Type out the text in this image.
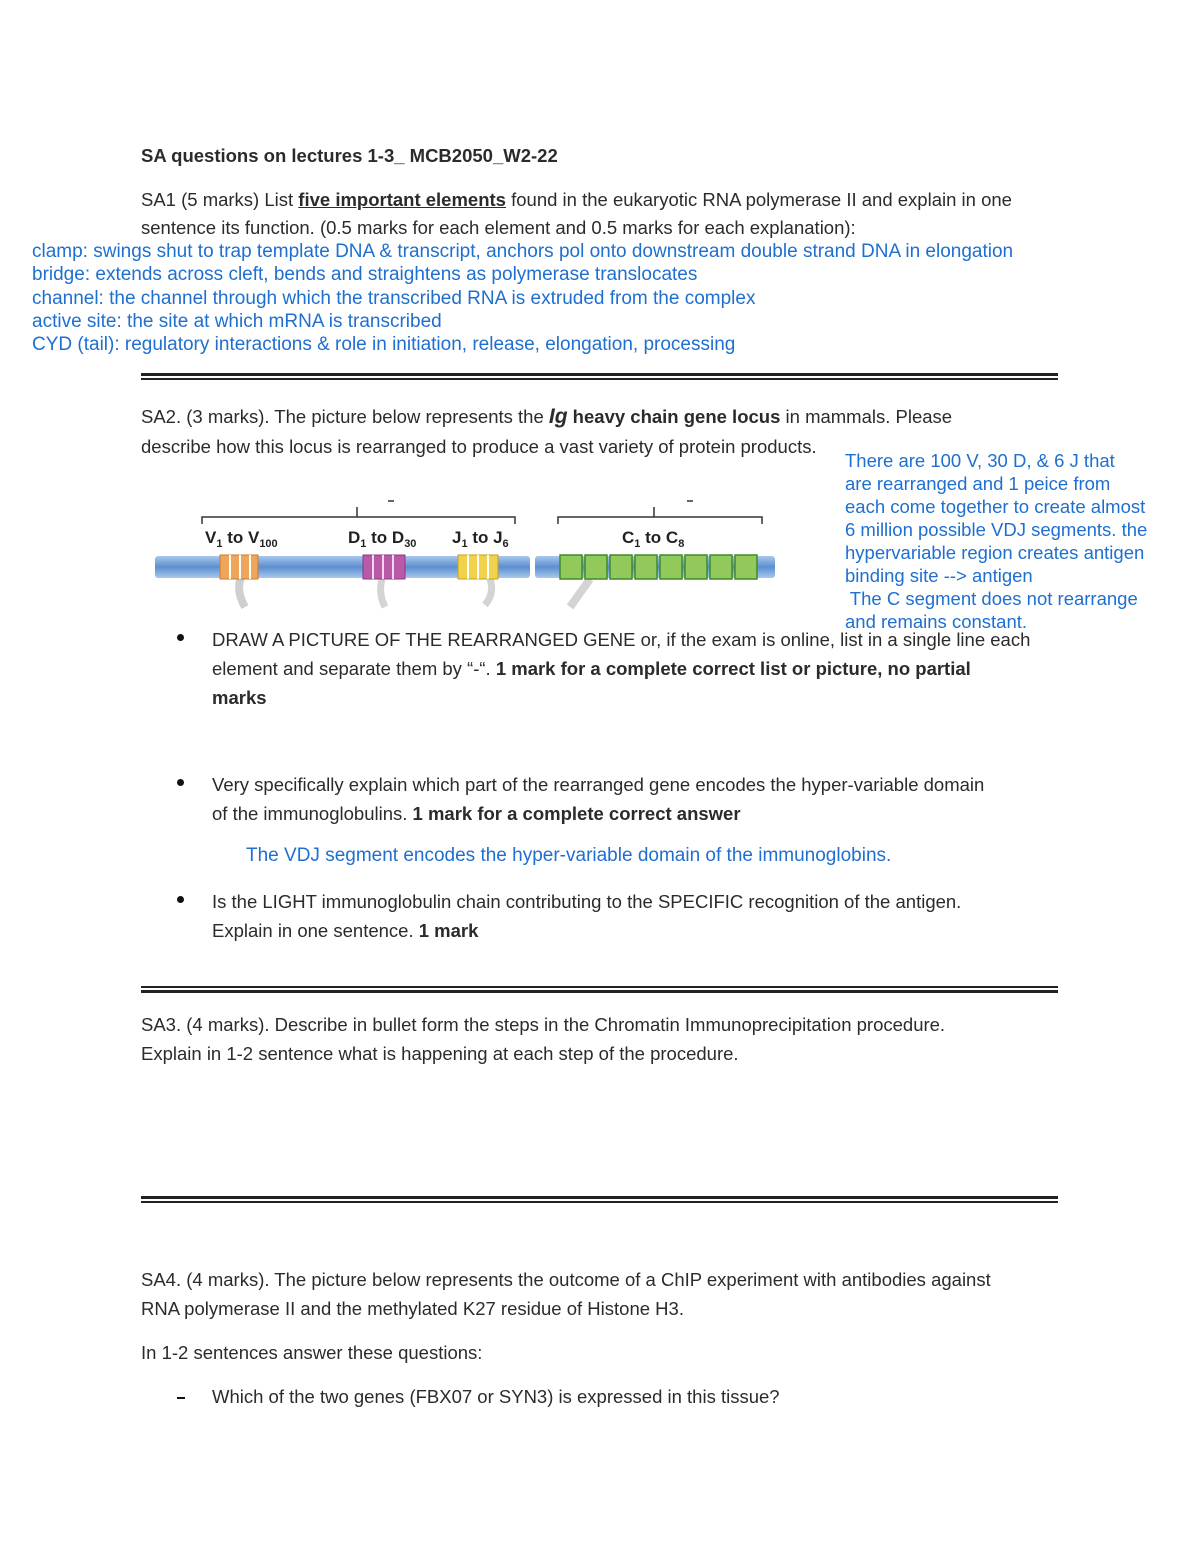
SA questions on lectures 1-3_ MCB2050_W2-22
SA1 (5 marks) List five important elements found in the eukaryotic RNA polymerase II and explain in one
sentence its function. (0.5 marks for each element and 0.5 marks for each explanation):
clamp: swings shut to trap template DNA & transcript, anchors pol onto downstream double strand DNA in elongation
bridge: extends across cleft, bends and straightens as polymerase translocates
channel: the channel through which the transcribed RNA is extruded from the complex
active site: the site at which mRNA is transcribed
CYD (tail): regulatory interactions & role in initiation, release, elongation, processing
SA2. (3 marks). The picture below represents the Ig heavy chain gene locus in mammals. Please
describe how this locus is rearranged to produce a vast variety of protein products.
There are 100 V, 30 D, & 6 J that
are rearranged and 1 peice from
each come together to create almost
6 million possible VDJ segments. the
hypervariable region creates antigen
binding site --> antigen
The C segment does not rearrange
and remains constant.
$V_1$ to $V_{100}$	$D_1$ to $D_{30}$ $J_1$ to $J_6$	$C_1$ to $C_8$
DRAW A PICTURE OF THE REARRANGED GENE or, if the exam is online, list in a single line each
element and separate them by “-“. 1 mark for a complete correct list or picture, no partial
marks
Very specifically explain which part of the rearranged gene encodes the hyper-variable domain
of the immunoglobulins. 1 mark for a complete correct answer
The VDJ segment encodes the hyper-variable domain of the immunoglobins.
Is the LIGHT immunoglobulin chain contributing to the SPECIFIC recognition of the antigen.
Explain in one sentence. 1 mark
SA3. (4 marks). Describe in bullet form the steps in the Chromatin Immunoprecipitation procedure.
Explain in 1-2 sentence what is happening at each step of the procedure.
SA4. (4 marks). The picture below represents the outcome of a ChIP experiment with antibodies against
RNA polymerase II and the methylated K27 residue of Histone H3.
In 1-2 sentences answer these questions:
Which of the two genes (FBX07 or SYN3) is expressed in this tissue?
